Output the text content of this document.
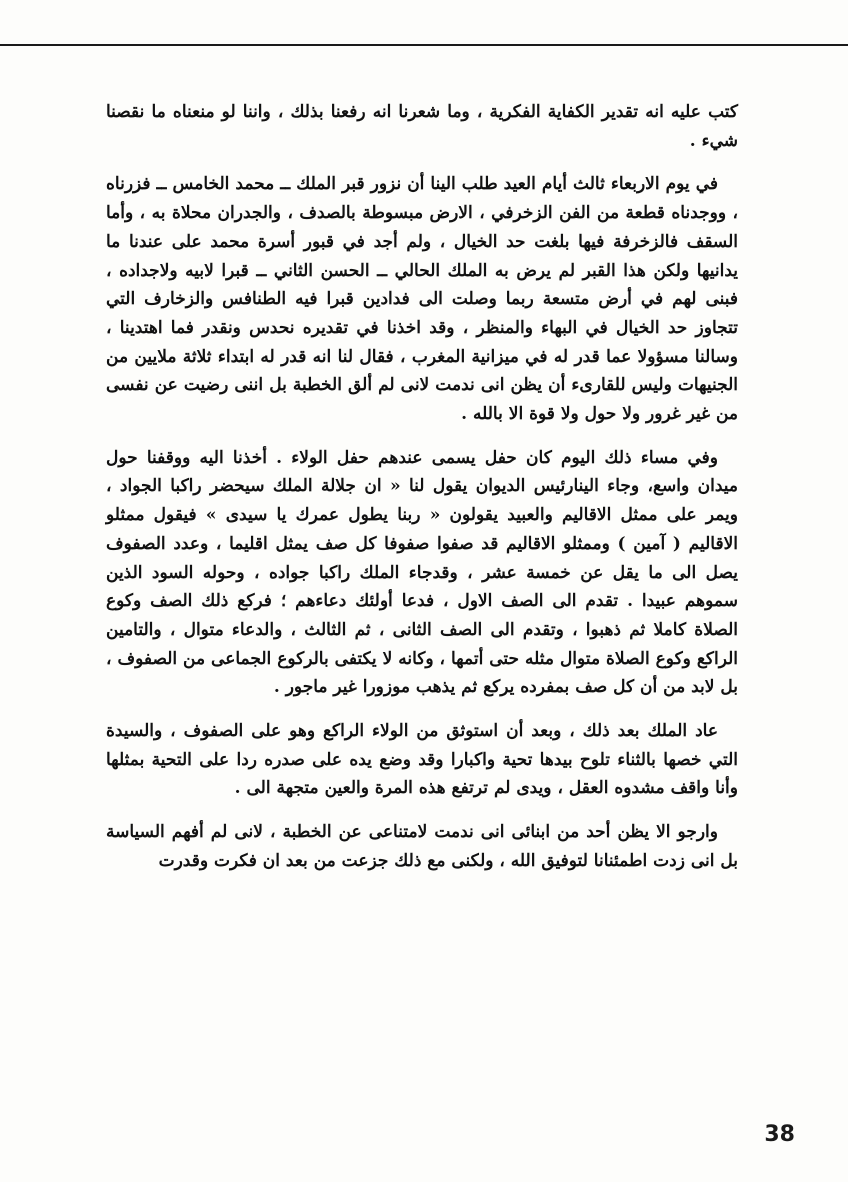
كتب عليه انه تقدير الكفاية الفكرية ، وما شعرنا انه رفعنا بذلك ، واننا لو منعناه ما نقصنا شيء .

في يوم الاربعاء ثالث أيام العيد طلب الينا أن نزور قبر الملك ــ محمد الخامس ــ فزرناه ، ووجدناه قطعة من الفن الزخرفي ، الارض مبسوطة بالصدف ، والجدران محلاة به ، وأما السقف فالزخرفة فيها بلغت حد الخيال ، ولم أجد في قبور أسرة محمد على عندنا ما يدانيها ولكن هذا القبر لم يرض به الملك الحالي ــ الحسن الثاني ــ قبرا لابيه ولاجداده ، فبنى لهم في أرض متسعة ربما وصلت الى فدادين قبرا فيه الطنافس والزخارف التي تتجاوز حد الخيال في البهاء والمنظر ، وقد اخذنا في تقديره نحدس ونقدر فما اهتدينا ، وسالنا مسؤولا عما قدر له في ميزانية المغرب ، فقال لنا انه قدر له ابتداء ثلاثة ملايين من الجنيهات وليس للقارىء أن يظن انى ندمت لانى لم ألق الخطبة بل اننى رضيت عن نفسى من غير غرور ولا حول ولا قوة الا بالله .

وفي مساء ذلك اليوم كان حفل يسمى عندهم حفل الولاء . أخذنا اليه ووقفنا حول ميدان واسع، وجاء الينارئيس الديوان يقول لنا « ان جلالة الملك سيحضر راكبا الجواد ، ويمر على ممثل الاقاليم والعبيد يقولون « ربنا يطول عمرك يا سيدى » فيقول ممثلو الاقاليم ( آمين ) وممثلو الاقاليم قد صفوا صفوفا كل صف يمثل اقليما ، وعدد الصفوف يصل الى ما يقل عن خمسة عشر ، وقدجاء الملك راكبا جواده ، وحوله السود الذين سموهم عبيدا . تقدم الى الصف الاول ، فدعا أولئك دعاءهم ؛ فركع ذلك الصف وكوع الصلاة كاملا ثم ذهبوا ، وتقدم الى الصف الثانى ، ثم الثالث ، والدعاء متوال ، والتامين الراكع وكوع الصلاة متوال مثله حتى أتمها ، وكانه لا يكتفى بالركوع الجماعى من الصفوف ، بل لابد من أن كل صف بمفرده يركع ثم يذهب موزورا غير ماجور .

عاد الملك بعد ذلك ، وبعد أن استوثق من الولاء الراكع وهو على الصفوف ، والسيدة التي خصها بالثناء تلوح بيدها تحية واكبارا وقد وضع يده على صدره ردا على التحية بمثلها وأنا واقف مشدوه العقل ، ويدى لم ترتفع هذه المرة والعين متجهة الى .

وارجو الا يظن أحد من ابنائى انى ندمت لامتناعى عن الخطبة ، لانى لم أفهم السياسة بل انى زدت اطمئنانا لتوفيق الله ، ولكنى مع ذلك جزعت من بعد ان فكرت وقدرت

38
